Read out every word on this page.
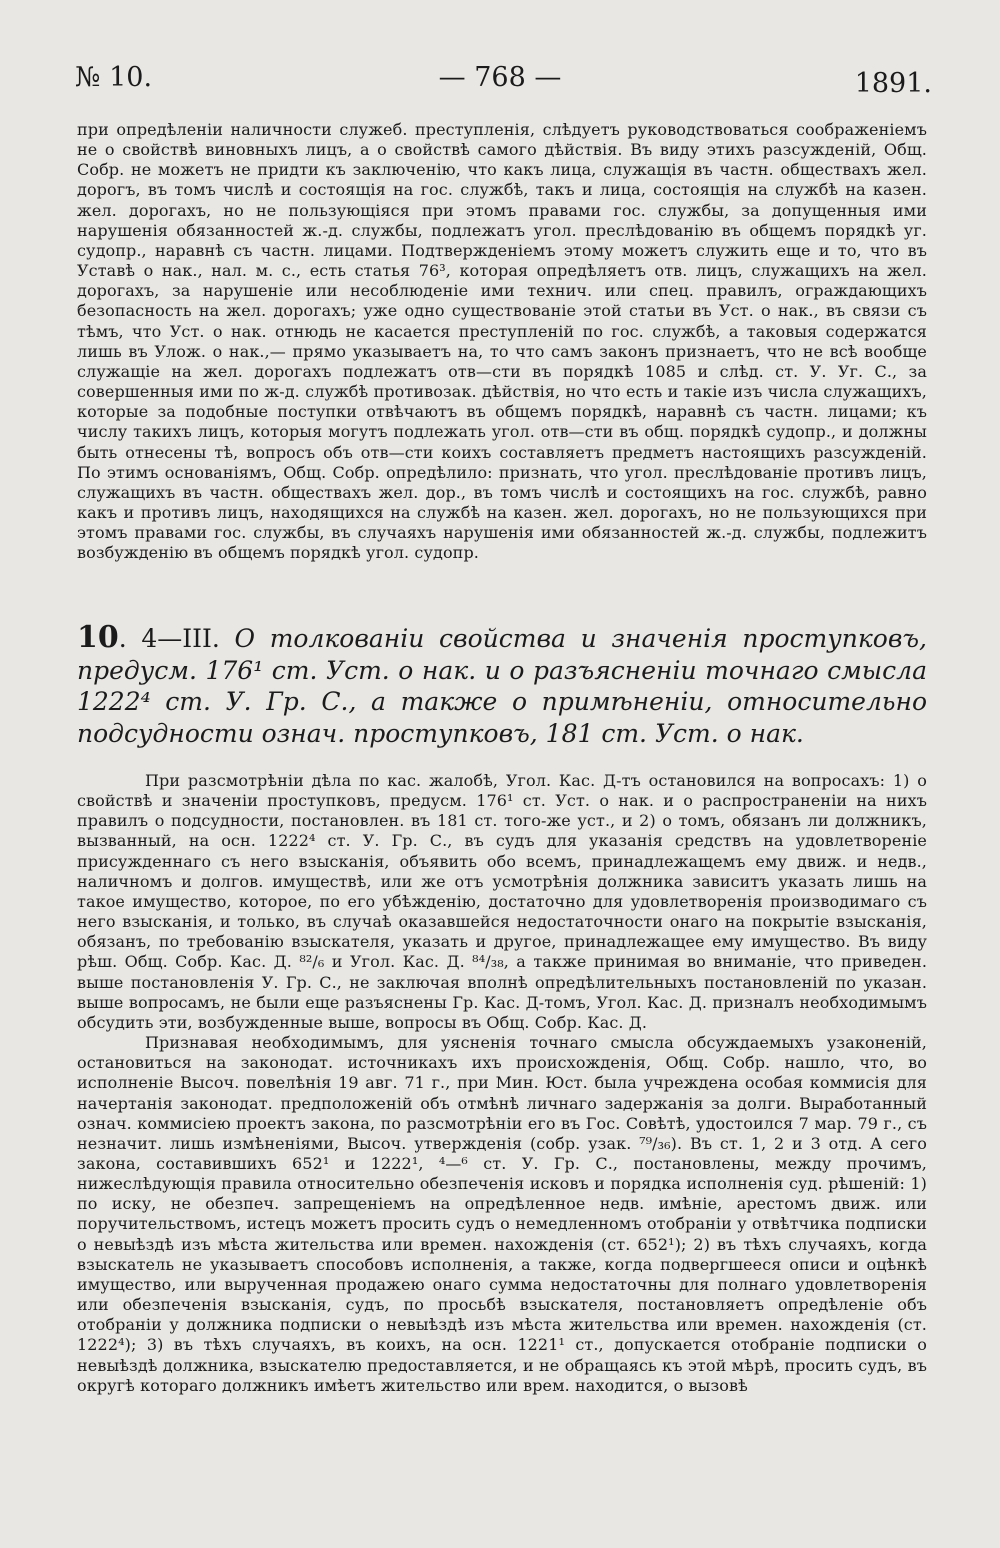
№ 10.	— 768 —	1891.

при опредѣленіи наличности служеб. преступленія, слѣдуетъ руководствоваться соображеніемъ не о свойствѣ виновныхъ лицъ, а о свойствѣ самого дѣйствія. Въ виду этихъ разсужденій, Общ. Собр. не можетъ не придти къ заключенію, что какъ лица, служащія въ частн. обществахъ жел. дорогъ, въ томъ числѣ и состоящія на гос. службѣ, такъ и лица, состоящія на службѣ на казен. жел. дорогахъ, но не пользующіяся при этомъ правами гос. службы, за допущенныя ими нарушенія обязанностей ж.-д. службы, подлежатъ угол. преслѣдованію въ общемъ порядкѣ уг. судопр., наравнѣ съ частн. лицами. Подтвержденіемъ этому можетъ служить еще и то, что въ Уставѣ о нак., нал. м. с., есть статья 76³, которая опредѣляетъ отв. лицъ, служащихъ на жел. дорогахъ, за нарушеніе или несоблюденіе ими технич. или спец. правилъ, ограждающихъ безопасность на жел. дорогахъ; уже одно существованіе этой статьи въ Уст. о нак., въ связи съ тѣмъ, что Уст. о нак. отнюдь не касается преступленій по гос. службѣ, а таковыя содержатся лишь въ Улож. о нак.,— прямо указываетъ на, то что самъ законъ признаетъ, что не всѣ вообще служащіе на жел. дорогахъ подлежатъ отв—сти въ порядкѣ 1085 и слѣд. ст. У. Уг. С., за совершенныя ими по ж-д. службѣ противозак. дѣйствія, но что есть и такіе изъ числа служащихъ, которые за подобные поступки отвѣчаютъ въ общемъ порядкѣ, наравнѣ съ частн. лицами; къ числу такихъ лицъ, которыя могутъ подлежать угол. отв—сти въ общ. порядкѣ судопр., и должны быть отнесены тѣ, вопросъ объ отв—сти коихъ составляетъ предметъ настоящихъ разсужденій. По этимъ основаніямъ, Общ. Собр. опредѣлило: признать, что угол. преслѣдованіе противъ лицъ, служащихъ въ частн. обществахъ жел. дор., въ томъ числѣ и состоящихъ на гос. службѣ, равно какъ и противъ лицъ, находящихся на службѣ на казен. жел. дорогахъ, но не пользующихся при этомъ правами гос. службы, въ случаяхъ нарушенія ими обязанностей ж.-д. службы, подлежитъ возбужденію въ общемъ порядкѣ угол. судопр.

10. 4—III. О толкованіи свойства и значенія проступковъ, предусм. 176¹ ст. Уст. о нак. и о разъясненіи точнаго смысла 1222⁴ ст. У. Гр. С., а также о примѣненіи, относительно подсудности означ. проступковъ, 181 ст. Уст. о нак.

При разсмотрѣніи дѣла по кас. жалобѣ, Угол. Кас. Д-тъ остановился на вопросахъ: 1) о свойствѣ и значеніи проступковъ, предусм. 176¹ ст. Уст. о нак. и о распространеніи на нихъ правилъ о подсудности, постановлен. въ 181 ст. того-же уст., и 2) о томъ, обязанъ ли должникъ, вызванный, на осн. 1222⁴ ст. У. Гр. С., въ судъ для указанія средствъ на удовлетвореніе присужденнаго съ него взысканія, объявить обо всемъ, принадлежащемъ ему движ. и недв., наличномъ и долгов. имуществѣ, или же отъ усмотрѣнія должника зависитъ указать лишь на такое имущество, которое, по его убѣжденію, достаточно для удовлетворенія производимаго съ него взысканія, и только, въ случаѣ оказавшейся недостаточности онаго на покрытіе взысканія, обязанъ, по требованію взыскателя, указать и другое, принадлежащее ему имущество. Въ виду рѣш. Общ. Собр. Кас. Д. ⁸²/₆ и Угол. Кас. Д. ⁸⁴/₃₈, а также принимая во вниманіе, что приведен. выше постановленія У. Гр. С., не заключая вполнѣ опредѣлительныхъ постановленій по указан. выше вопросамъ, не были еще разъяснены Гр. Кас. Д-томъ, Угол. Кас. Д. призналъ необходимымъ обсудить эти, возбужденные выше, вопросы въ Общ. Собр. Кас. Д.

Признавая необходимымъ, для уясненія точнаго смысла обсуждаемыхъ узаконеній, остановиться на законодат. источникахъ ихъ происхожденія, Общ. Собр. нашло, что, во исполненіе Высоч. повелѣнія 19 авг. 71 г., при Мин. Юст. была учреждена особая коммисія для начертанія законодат. предположеній объ отмѣнѣ личнаго задержанія за долги. Выработанный означ. коммисіею проектъ закона, по разсмотрѣніи его въ Гос. Совѣтѣ, удостоился 7 мар. 79 г., съ незначит. лишь измѣненіями, Высоч. утвержденія (собр. узак. ⁷⁹/₃₆). Въ ст. 1, 2 и 3 отд. А сего закона, составившихъ 652¹ и 1222¹, ⁴—⁶ ст. У. Гр. С., постановлены, между прочимъ, нижеслѣдующія правила относительно обезпеченія исковъ и порядка исполненія суд. рѣшеній: 1) по иску, не обезпеч. запрещеніемъ на опредѣленное недв. имѣніе, арестомъ движ. или поручительствомъ, истецъ можетъ просить судъ о немедленномъ отобраніи у отвѣтчика подписки о невыѣздѣ изъ мѣста жительства или времен. нахожденія (ст. 652¹); 2) въ тѣхъ случаяхъ, когда взыскатель не указываетъ способовъ исполненія, а также, когда подвергшееся описи и оцѣнкѣ имущество, или вырученная продажею онаго сумма недостаточны для полнаго удовлетворенія или обезпеченія взысканія, судъ, по просьбѣ взыскателя, постановляетъ опредѣленіе объ отобраніи у должника подписки о невыѣздѣ изъ мѣста жительства или времен. нахожденія (ст. 1222⁴); 3) въ тѣхъ случаяхъ, въ коихъ, на осн. 1221¹ ст., допускается отобраніе подписки о невыѣздѣ должника, взыскателю предоставляется, и не обращаясь къ этой мѣрѣ, просить судъ, въ округѣ котораго должникъ имѣетъ жительство или врем. находится, о вызовѣ
